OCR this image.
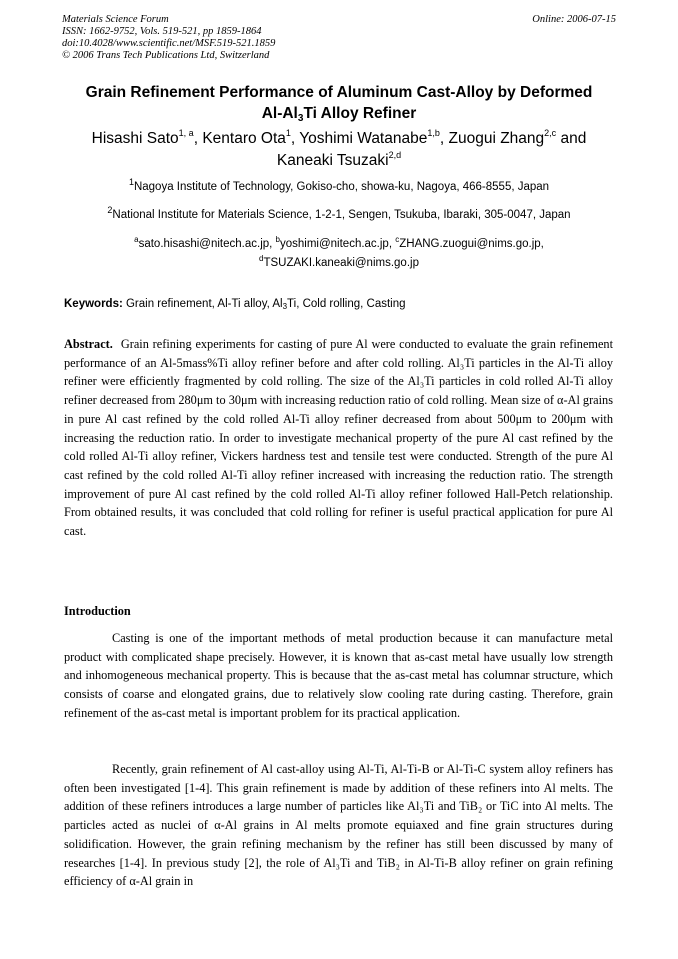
Materials Science Forum
ISSN: 1662-9752, Vols. 519-521, pp 1859-1864
doi:10.4028/www.scientific.net/MSF.519-521.1859
© 2006 Trans Tech Publications Ltd, Switzerland
Online: 2006-07-15
Grain Refinement Performance of Aluminum Cast-Alloy by Deformed
$Al-Al_3Ti$ Alloy Refiner
Hisashi Sato$^{1, a}$, Kentaro Ota$^1$, Yoshimi Watanabe$^{1,b}$, Zuogui Zhang$^{2,c}$ and
Kaneaki Tsuzaki$^{2,d}$
$^1$Nagoya Institute of Technology, Gokiso-cho, showa-ku, Nagoya, 466-8555, Japan
$^2$National Institute for Materials Science, 1-2-1, Sengen, Tsukuba, Ibaraki, 305-0047, Japan
$^a$sato.hisashi@nitech.ac.jp, $^b$yoshimi@nitech.ac.jp, $^c$ZHANG.zuogui@nims.go.jp,
$^d$TSUZAKI.kaneaki@nims.go.jp
Keywords: Grain refinement, Al-Ti alloy, $Al_3Ti$, Cold rolling, Casting
Abstract. Grain refining experiments for casting of pure Al were conducted to evaluate the grain refinement performance of an Al-5mass%Ti alloy refiner before and after cold rolling. Al₃Ti particles in the Al-Ti alloy refiner were efficiently fragmented by cold rolling. The size of the Al₃Ti particles in cold rolled Al-Ti alloy refiner decreased from 280μm to 30μm with increasing reduction ratio of cold rolling. Mean size of α-Al grains in pure Al cast refined by the cold rolled Al-Ti alloy refiner decreased from about 500μm to 200μm with increasing the reduction ratio. In order to investigate mechanical property of the pure Al cast refined by the cold rolled Al-Ti alloy refiner, Vickers hardness test and tensile test were conducted. Strength of the pure Al cast refined by the cold rolled Al-Ti alloy refiner increased with increasing the reduction ratio. The strength improvement of pure Al cast refined by the cold rolled Al-Ti alloy refiner followed Hall-Petch relationship. From obtained results, it was concluded that cold rolling for refiner is useful practical application for pure Al cast.
Introduction
Casting is one of the important methods of metal production because it can manufacture metal product with complicated shape precisely. However, it is known that as-cast metal have usually low strength and inhomogeneous mechanical property. This is because that the as-cast metal has columnar structure, which consists of coarse and elongated grains, due to relatively slow cooling rate during casting. Therefore, grain refinement of the as-cast metal is important problem for its practical application.
Recently, grain refinement of Al cast-alloy using Al-Ti, Al-Ti-B or Al-Ti-C system alloy refiners has often been investigated [1-4]. This grain refinement is made by addition of these refiners into Al melts. The addition of these refiners introduces a large number of particles like Al₃Ti and TiB₂ or TiC into Al melts. The particles acted as nuclei of α-Al grains in Al melts promote equiaxed and fine grain structures during solidification. However, the grain refining mechanism by the refiner has still been discussed by many of researches [1-4]. In previous study [2], the role of Al₃Ti and TiB₂ in Al-Ti-B alloy refiner on grain refining efficiency of α-Al grain in
